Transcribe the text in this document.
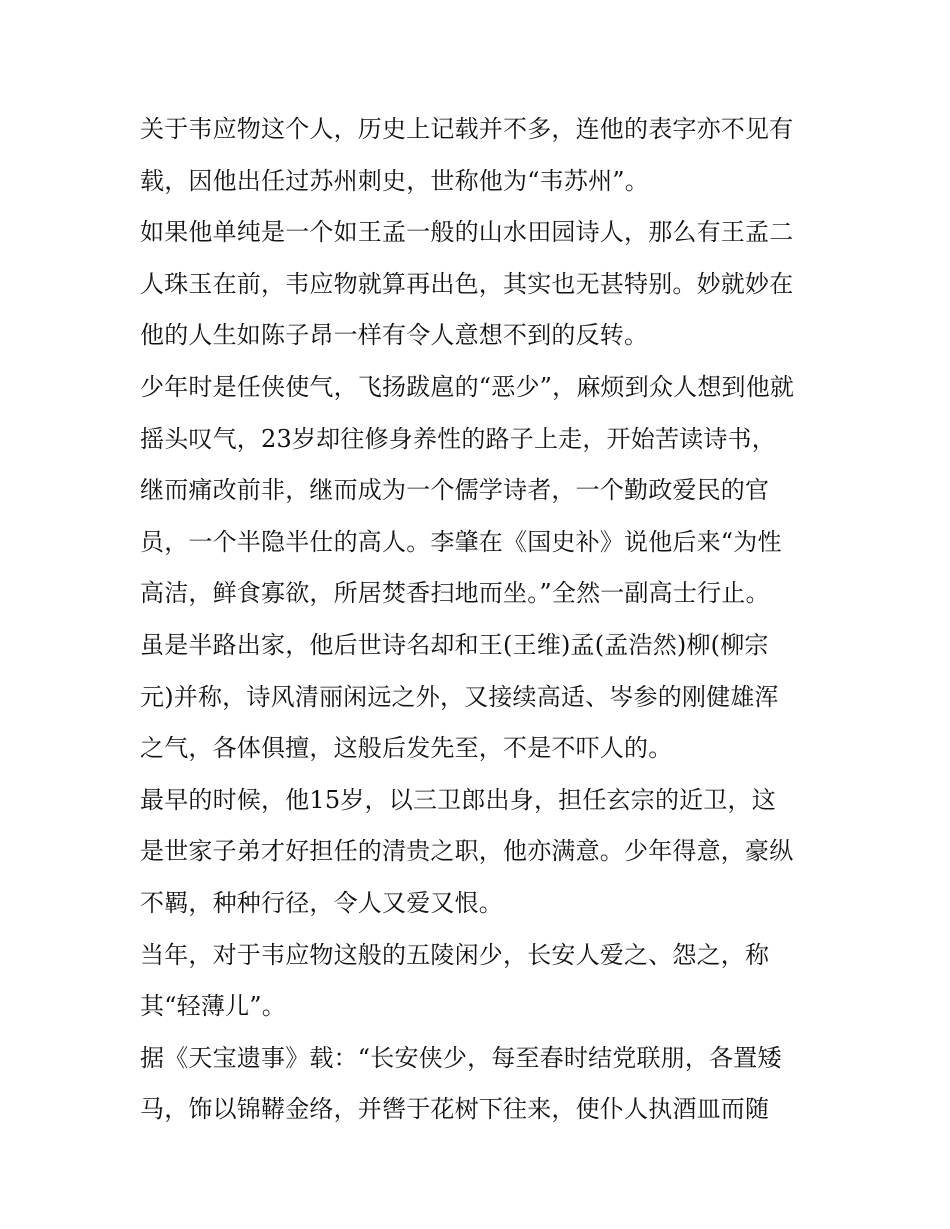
关于韦应物这个人，历史上记载并不多，连他的表字亦不见有
载，因他出任过苏州刺史，世称他为“韦苏州”。
如果他单纯是一个如王孟一般的山水田园诗人，那么有王孟二
人珠玉在前，韦应物就算再出色，其实也无甚特别。妙就妙在
他的人生如陈子昂一样有令人意想不到的反转。
少年时是任侠使气，飞扬跋扈的“恶少”，麻烦到众人想到他就
摇头叹气，23岁却往修身养性的路子上走，开始苦读诗书，
继而痛改前非，继而成为一个儒学诗者，一个勤政爱民的官
员，一个半隐半仕的高人。李肇在《国史补》说他后来“为性
高洁，鲜食寡欲，所居焚香扫地而坐。”全然一副高士行止。
虽是半路出家，他后世诗名却和王(王维)孟(孟浩然)柳(柳宗
元)并称，诗风清丽闲远之外，又接续高适、岑参的刚健雄浑
之气，各体俱擅，这般后发先至，不是不吓人的。
最早的时候，他15岁，以三卫郎出身，担任玄宗的近卫，这
是世家子弟才好担任的清贵之职，他亦满意。少年得意，豪纵
不羁，种种行径，令人又爱又恨。
当年，对于韦应物这般的五陵闲少，长安人爱之、怨之，称
其“轻薄儿”。
据《天宝遗事》载：“长安侠少，每至春时结党联朋，各置矮
马，饰以锦鞯金络，并辔于花树下往来，使仆人执酒皿而随
